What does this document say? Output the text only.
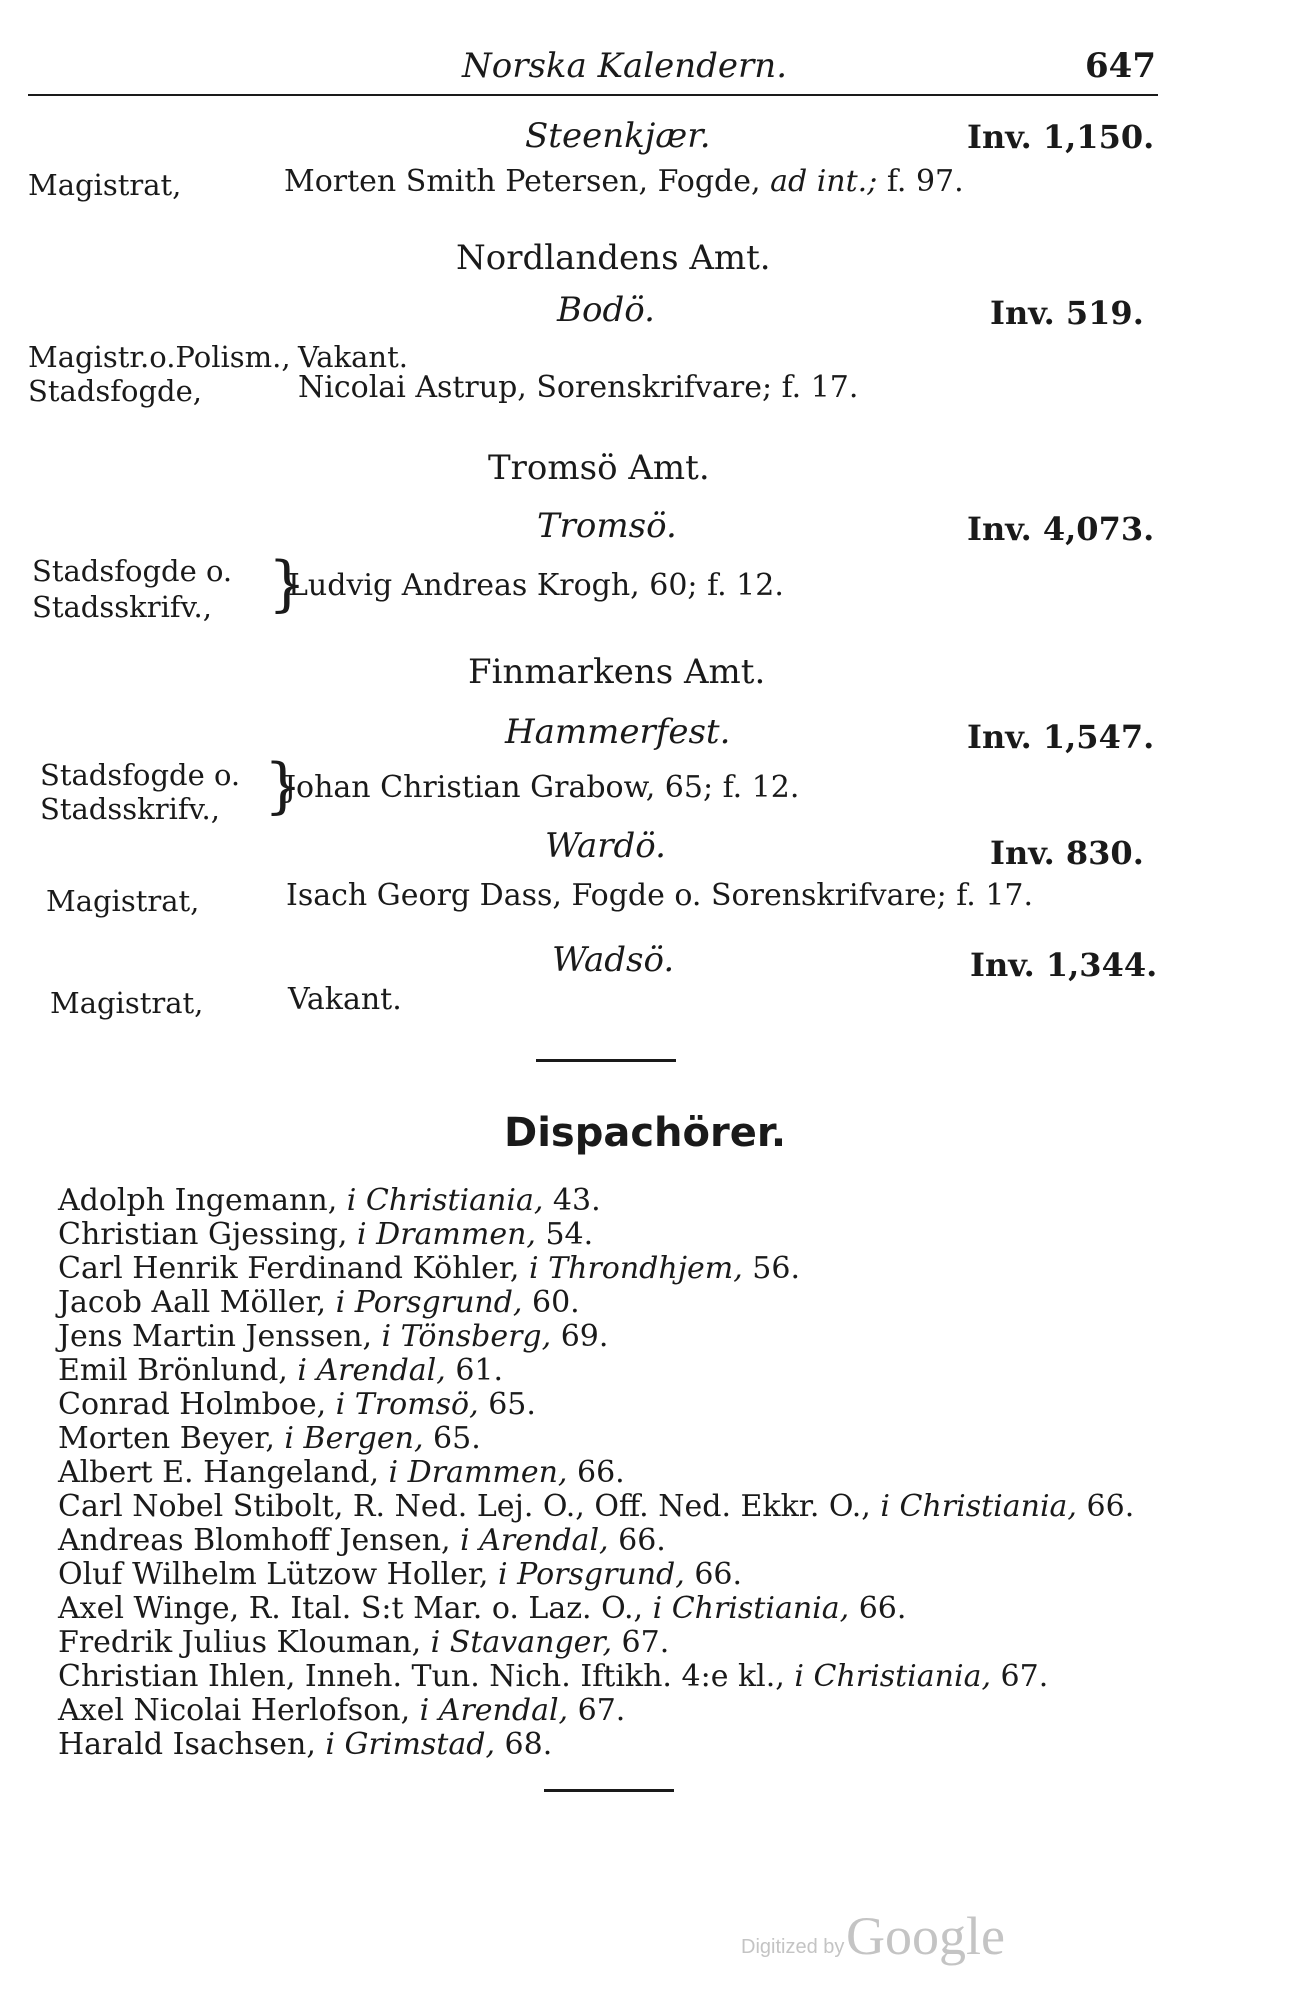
Norska Kalendern.	647
Steenkjær.	Inv. 1,150.
Magistrat,	Morten Smith Petersen, Fogde, ad int.; f. 97.
Nordlandens Amt.
Bodö.	Inv. 519.
Magistr.o.Polism., Vakant.
Stadsfogde,	Nicolai Astrup, Sorenskrifvare; f. 17.
Tromsö Amt.
Tromsö.	Inv. 4,073.
Stadsfogde o.
Stadsskrifv., }
Ludvig Andreas Krogh, 60; f. 12.
Finmarkens Amt.
Hammerfest.	Inv. 1,547.
Stadsfogde o.
Stadsskrifv., }
Johan Christian Grabow, 65; f. 12.
Wardö.	Inv. 830.
Magistrat,	Isach Georg Dass, Fogde o. Sorenskrifvare; f. 17.
Wadsö.	Inv. 1,344.
Magistrat,	Vakant.
Dispachörer.
Adolph Ingemann, i Christiania, 43.
Christian Gjessing, i Drammen, 54.
Carl Henrik Ferdinand Köhler, i Throndhjem, 56.
Jacob Aall Möller, i Porsgrund, 60.
Jens Martin Jenssen, i Tönsberg, 69.
Emil Brönlund, i Arendal, 61.
Conrad Holmboe, i Tromsö, 65.
Morten Beyer, i Bergen, 65.
Albert E. Hangeland, i Drammen, 66.
Carl Nobel Stibolt, R. Ned. Lej. O., Off. Ned. Ekkr. O., i Christiania, 66.
Andreas Blomhoff Jensen, i Arendal, 66.
Oluf Wilhelm Lützow Holler, i Porsgrund, 66.
Axel Winge, R. Ital. S:t Mar. o. Laz. O., i Christiania, 66.
Fredrik Julius Klouman, i Stavanger, 67.
Christian Ihlen, Inneh. Tun. Nich. Iftikh. 4:e kl., i Christiania, 67.
Axel Nicolai Herlofson, i Arendal, 67.
Harald Isachsen, i Grimstad, 68.
Digitized by Google
